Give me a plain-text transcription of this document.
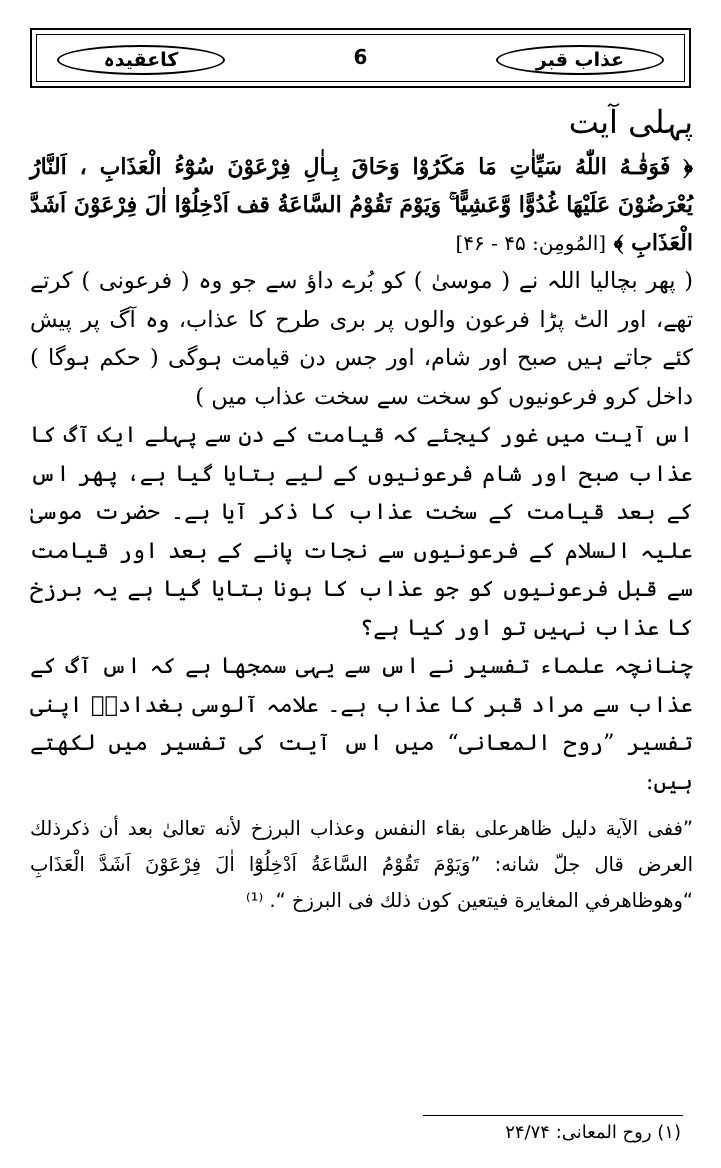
عذاب قبر
6
کاعقیدہ
پہلی آیت
﴿ فَوَقٰـهُ اللّٰهُ سَيِّاٰتِ مَا مَكَرُوْا وَحَاقَ بِـاٰلِ فِرْعَوْنَ سُوْٓءُ الْعَذَابِ ، اَلنَّارُ يُعْرَضُوْنَ عَلَيْهَا غُدُوًّا وَّعَشِيًّا ۚ وَيَوْمَ تَقُوْمُ السَّاعَةُ قف اَدْخِلُوْٓا اٰلَ فِرْعَوْنَ اَشَدَّ الْعَذَابِ ﴾ [المُومِن: ۴۵ - ۴۶]

( پھر بچالیا اللہ نے ( موسیٰ ) کو بُرے داؤ سے جو وہ ( فرعونی ) کرتے تھے، اور الٹ پڑا فرعون والوں پر بری طرح کا عذاب، وہ آگ پر پیش کئے جاتے ہیں صبح اور شام، اور جس دن قیامت ہوگی ( حکم ہوگا ) داخل کرو فرعونیوں کو سخت سے سخت عذاب میں )

اس آیت میں غور کیجئے کہ قیامت کے دن سے پہلے ایک آگ کا عذاب صبح اور شام فرعونیوں کے لیے بتایا گیا ہے، پھر اس کے بعد قیامت کے سخت عذاب کا ذکر آیا ہے۔ حضرت موسیٰ علیہ السلام کے فرعونیوں سے نجات پانے کے بعد اور قیامت سے قبل فرعونیوں کو جو عذاب کا ہونا بتایا گیا ہے یہ برزخ کا عذاب نہیں تو اور کیا ہے؟

چنانچہ علماء تفسیر نے اس سے یہی سمجھا ہے کہ اس آگ کے عذاب سے مراد قبر کا عذاب ہے۔ علامہ آلوسی بغدادیؒ اپنی تفسیر ”روح المعانی“ میں اس آیت کی تفسیر میں لکھتے ہیں:

”ففى الآية دليل ظاهرعلى بقاء النفس وعذاب البرزخ لأنه تعالىٰ بعد أن ذكرذلك العرض قال جلّ شانه: ”وَيَوْمَ تَقُوْمُ السَّاعَةُ اَدْخِلُوْٓا اٰلَ فِرْعَوْنَ اَشَدَّ الْعَذَابِ “وهوظاهرفي المغايرة فيتعين كون ذلك فى البرزخ “. ⁽¹⁾
(۱) روح المعانی: ۲۴/۷۴
